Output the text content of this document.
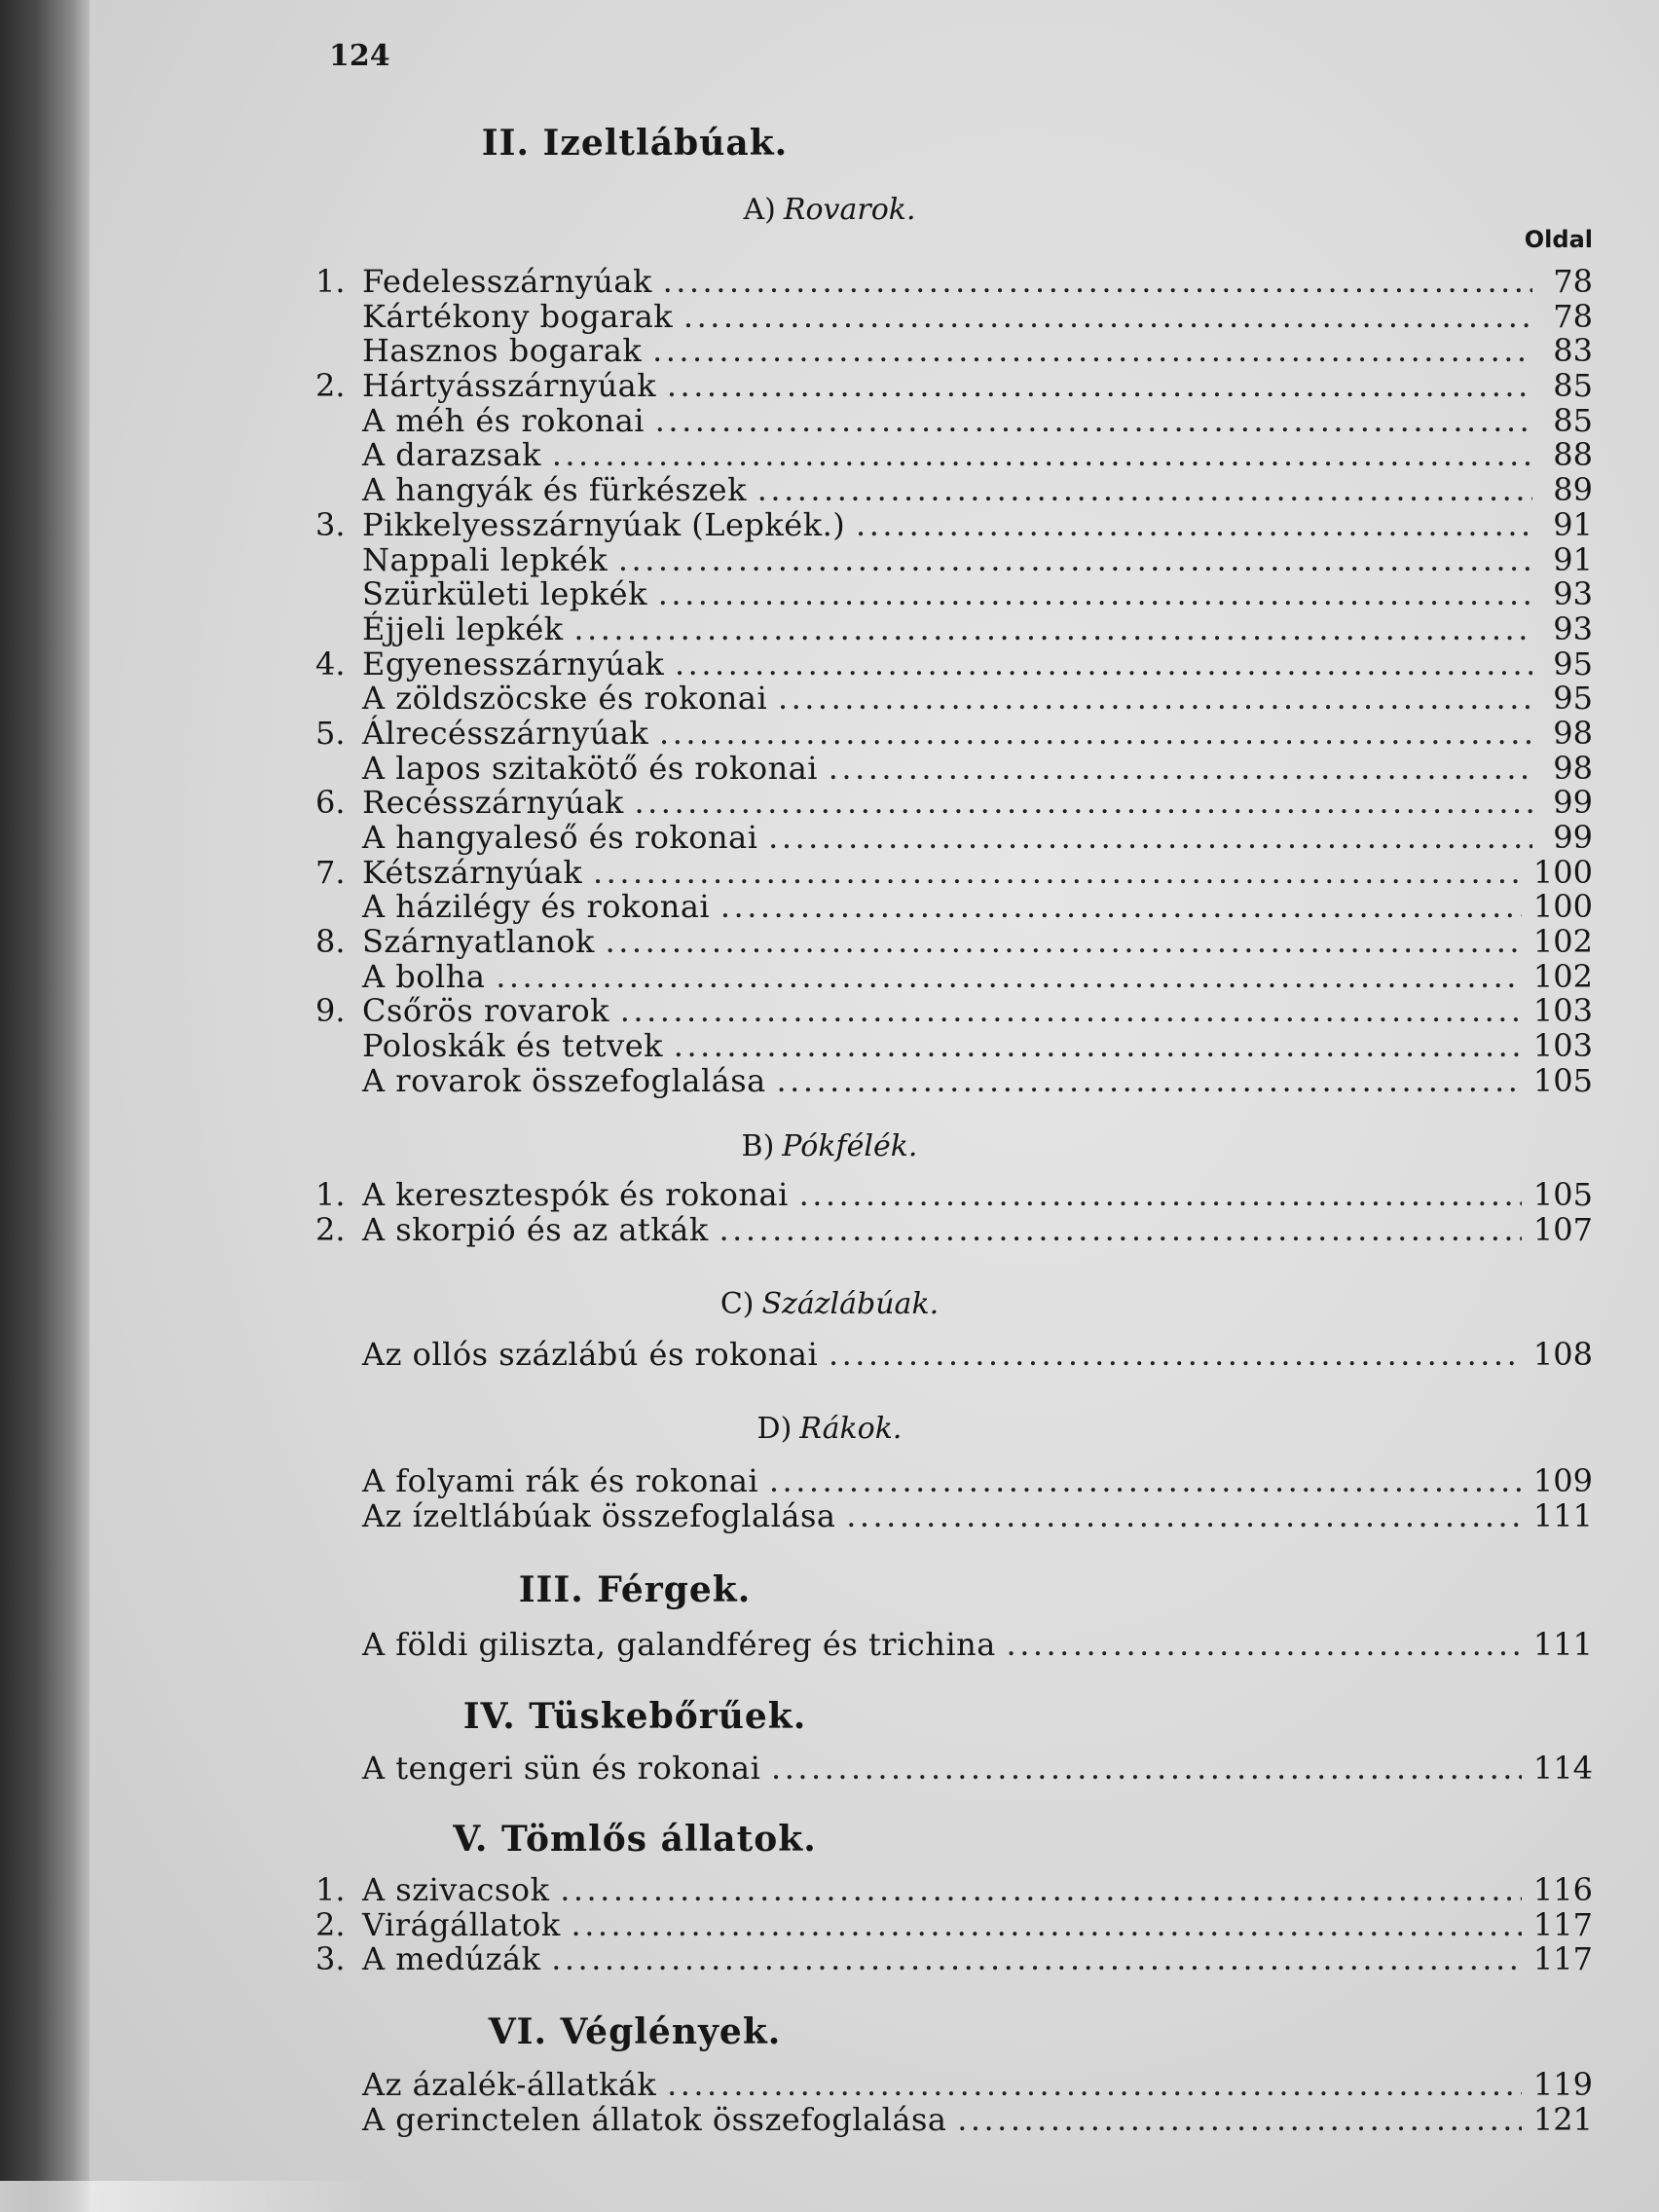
124
II. Izeltlábúak.
A) Rovarok.
Oldal
1. Fedelesszárnyúak .....	78
Kártékony bogarak .....	78
Hasznos bogarak .....	83
2. Hártyásszárnyúak .....	85
A méh és rokonai .....	85
A darazsak .....	88
A hangyák és fürkészek .....	89
3. Pikkelyesszárnyúak (Lepkék.) .....	91
Nappali lepkék .....	91
Szürkületi lepkék .....	93
Éjjeli lepkék .....	93
4. Egyenesszárnyúak .....	95
A zöldszöcske és rokonai .....	95
5. Álrecésszárnyúak .....	98
A lapos szitakötő és rokonai .....	98
6. Recésszárnyúak .....	99
A hangyaleső és rokonai .....	99
7. Kétszárnyúak .....	100
A házilégy és rokonai .....	100
8. Szárnyatlanok .....	102
A bolha .....	102
9. Csőrös rovarok .....	103
Poloskák és tetvek .....	103
A rovarok összefoglalása .....	105
B) Pókfélék.
1. A keresztespók és rokonai .....	105
2. A skorpió és az atkák .....	107
C) Százlábúak.
Az ollós százlábú és rokonai .....	108
D) Rákok.
A folyami rák és rokonai .....	109
Az ízeltlábúak összefoglalása .....	111
III. Férgek.
A földi giliszta, galandféreg és trichina .....	111
IV. Tüskebőrűek.
A tengeri sün és rokonai .....	114
V. Tömlős állatok.
1. A szivacsok .....	116
2. Virágállatok .....	117
3. A medúzák .....	117
VI. Véglények.
Az ázalék-állatkák .....	119
A gerinctelen állatok összefoglalása .....	121
